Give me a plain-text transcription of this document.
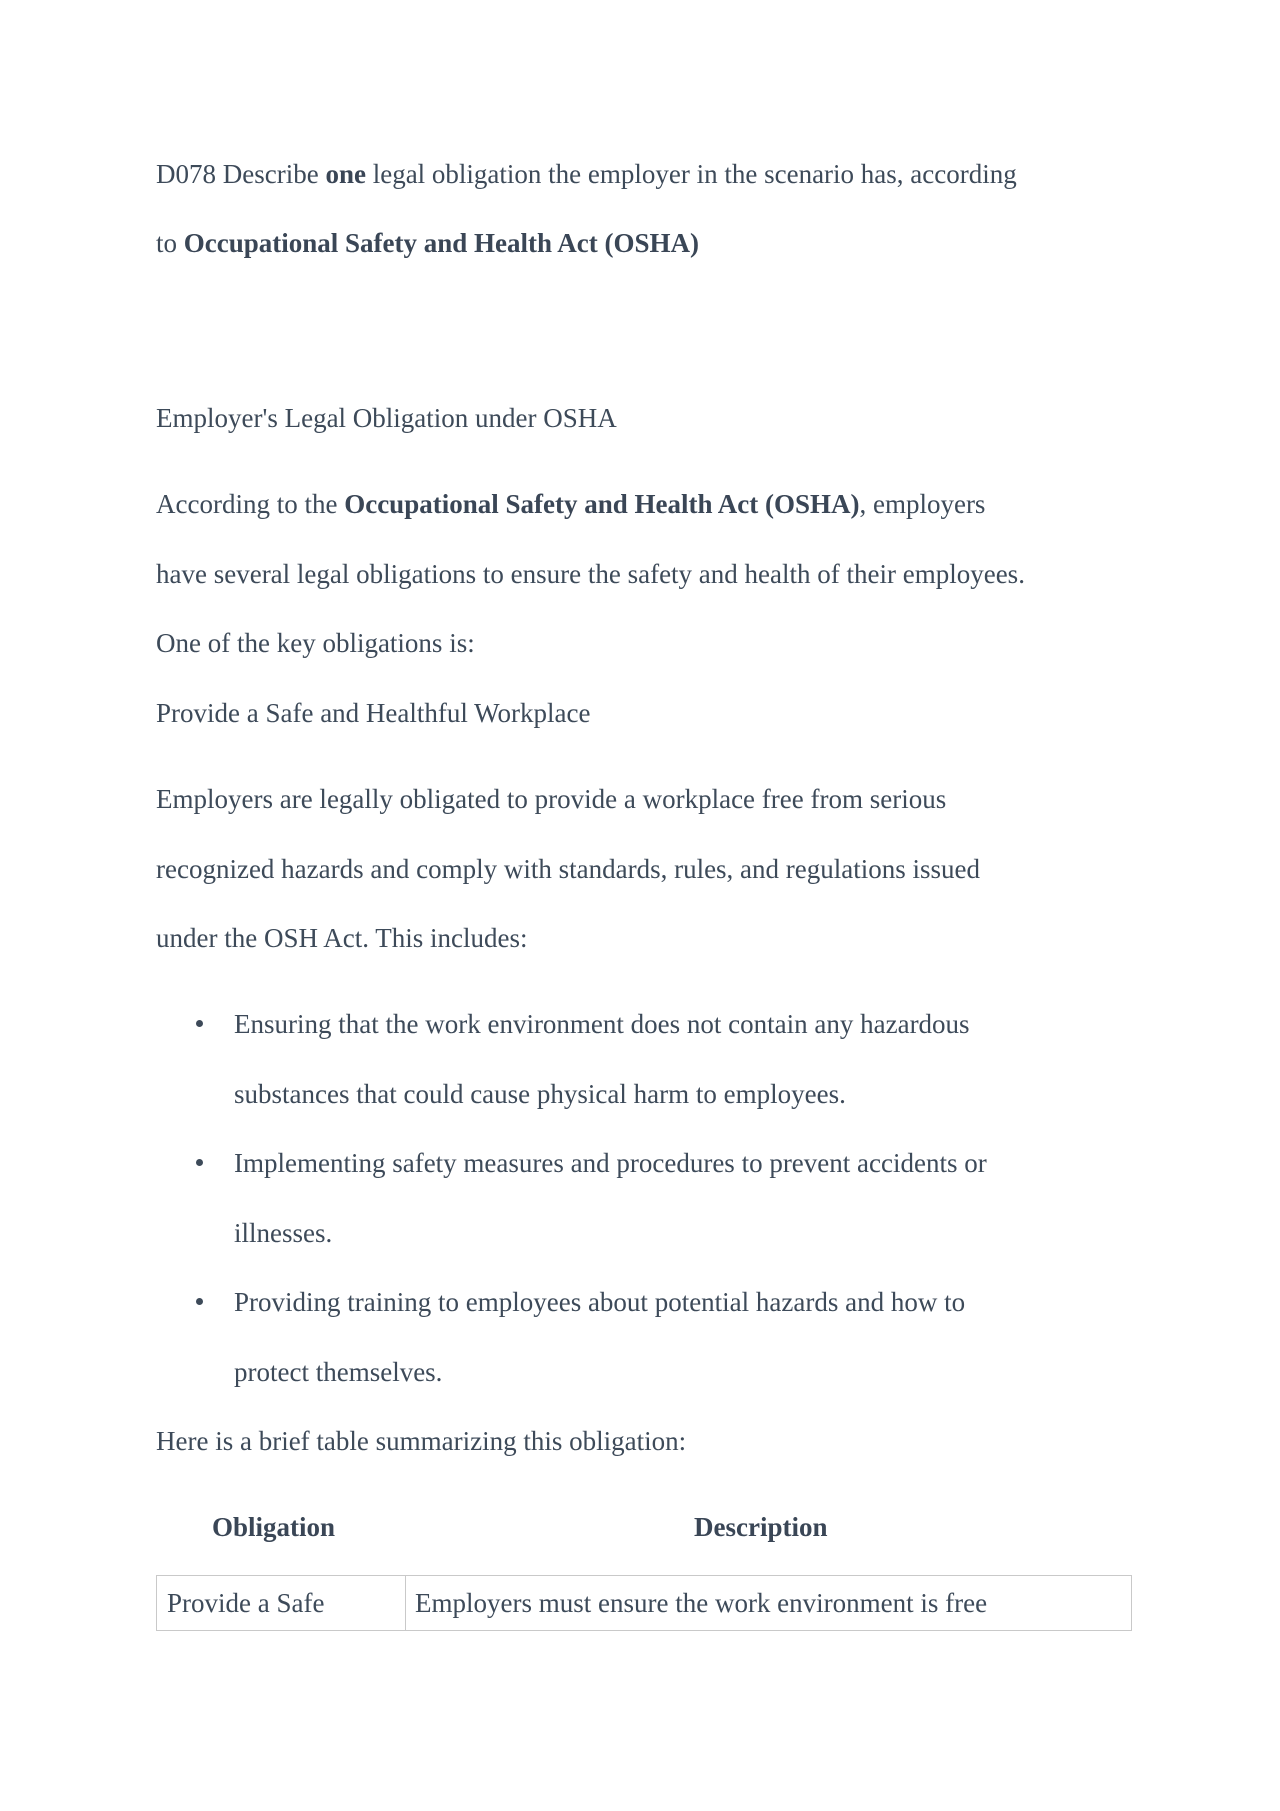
D078 Describe one legal obligation the employer in the scenario has, according
to Occupational Safety and Health Act (OSHA)
Employer's Legal Obligation under OSHA
According to the Occupational Safety and Health Act (OSHA), employers
have several legal obligations to ensure the safety and health of their employees.
One of the key obligations is:
Provide a Safe and Healthful Workplace
Employers are legally obligated to provide a workplace free from serious
recognized hazards and comply with standards, rules, and regulations issued
under the OSH Act. This includes:
Ensuring that the work environment does not contain any hazardous
substances that could cause physical harm to employees.
Implementing safety measures and procedures to prevent accidents or
illnesses.
Providing training to employees about potential hazards and how to
protect themselves.
Here is a brief table summarizing this obligation:
Obligation	Description
Provide a Safe	Employers must ensure the work environment is free
